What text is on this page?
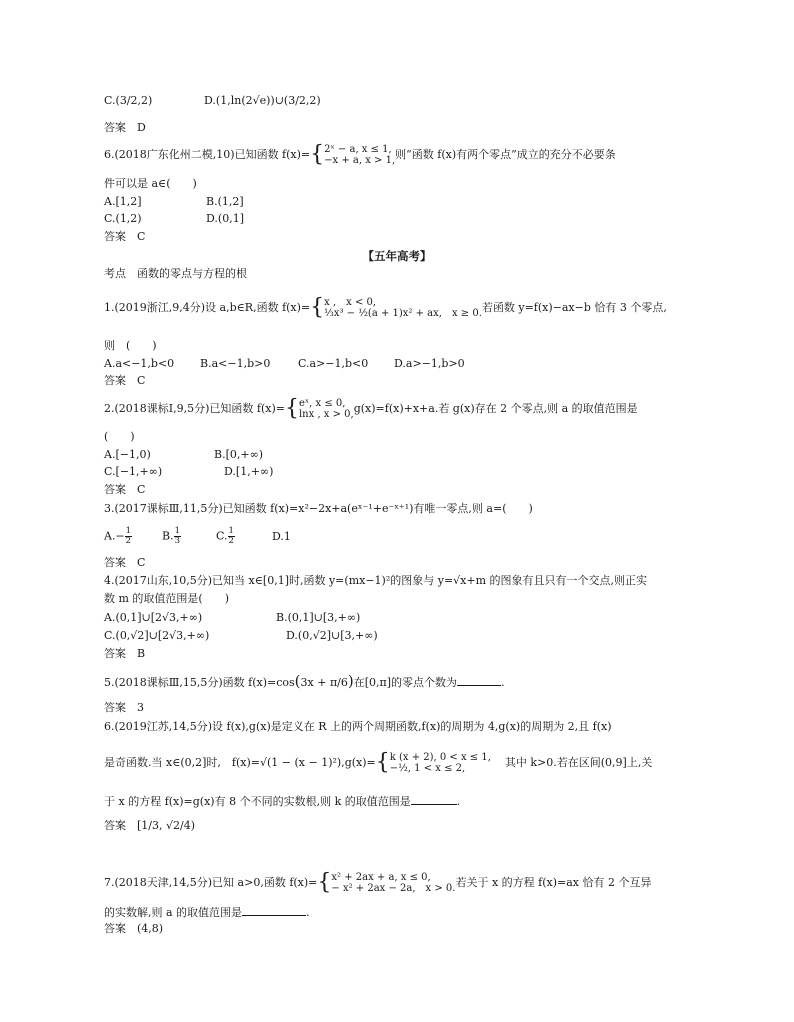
C.(3/2,2)	D.(1,ln(2√e))∪(3/2,2)
答案　D
6.(2018广东化州二模,10)已知函数 f(x)={ 2ˣ − a, x ≤ 1,
−x + a, x > 1, 则“函数 f(x)有两个零点”成立的充分不必要条
件可以是 a∈(　　)
A.[1,2]	B.(1,2]
C.(1,2)	D.(0,1]
答案　C
【五年高考】
考点　函数的零点与方程的根
1.(2019浙江,9,4分)设 a,b∈R,函数 f(x)={ x ,　x < 0,
⅓x³ − ½(a + 1)x² + ax,　x ≥ 0. 若函数 y=f(x)−ax−b 恰有 3 个零点,
则　(　　)
A.a<−1,b<0 B.a<−1,b>0	C.a>−1,b<0 D.a>−1,b>0
答案　C
2.(2018课标Ⅰ,9,5分)已知函数 f(x)={ eˣ, x ≤ 0,
lnx , x > 0, g(x)=f(x)+x+a.若 g(x)存在 2 个零点,则 a 的取值范围是
(　　)
A.[−1,0)	B.[0,+∞)
C.[−1,+∞)	D.[1,+∞)
答案　C
3.(2017课标Ⅲ,11,5分)已知函数 f(x)=x²−2x+a(eˣ⁻¹+e⁻ˣ⁺¹)有唯一零点,则 a=(　　)
$A.- \frac{1}{2}$	B. $\frac{1}{3}$	C. $\frac{1}{2}$	D.1
答案　C
4.(2017山东,10,5分)已知当 x∈[0,1]时,函数 y=(mx−1)²的图象与 y=√x+m 的图象有且只有一个交点,则正实
数 m 的取值范围是(　　)
A.(0,1]∪[2√3,+∞)	B.(0,1]∪[3,+∞)
C.(0,√2]∪[2√3,+∞)	D.(0,√2]∪[3,+∞)
答案　B
5.(2018课标Ⅲ,15,5分)函数 f(x)=cos(3x + π/6)在[0,π]的零点个数为	.
答案　3
6.(2019江苏,14,5分)设 f(x),g(x)是定义在 R 上的两个周期函数,f(x)的周期为 4,g(x)的周期为 2,且 f(x)
是奇函数.当 x∈(0,2]时,　f(x)=√(1 − (x − 1)²),g(x)={ k (x + 2), 0 < x ≤ 1,
−½, 1 < x ≤ 2,	其中 k>0.若在区间(0,9]上,关
于 x 的方程 f(x)=g(x)有 8 个不同的实数根,则 k 的取值范围是	.
答案　 [1/3, √2/4)
7.(2018天津,14,5分)已知 a>0,函数 f(x)={ x² + 2ax + a, x ≤ 0,
− x² + 2ax − 2a,　x > 0. 若关于 x 的方程 f(x)=ax 恰有 2 个互异
的实数解,则 a 的取值范围是	.
答案　(4,8)
